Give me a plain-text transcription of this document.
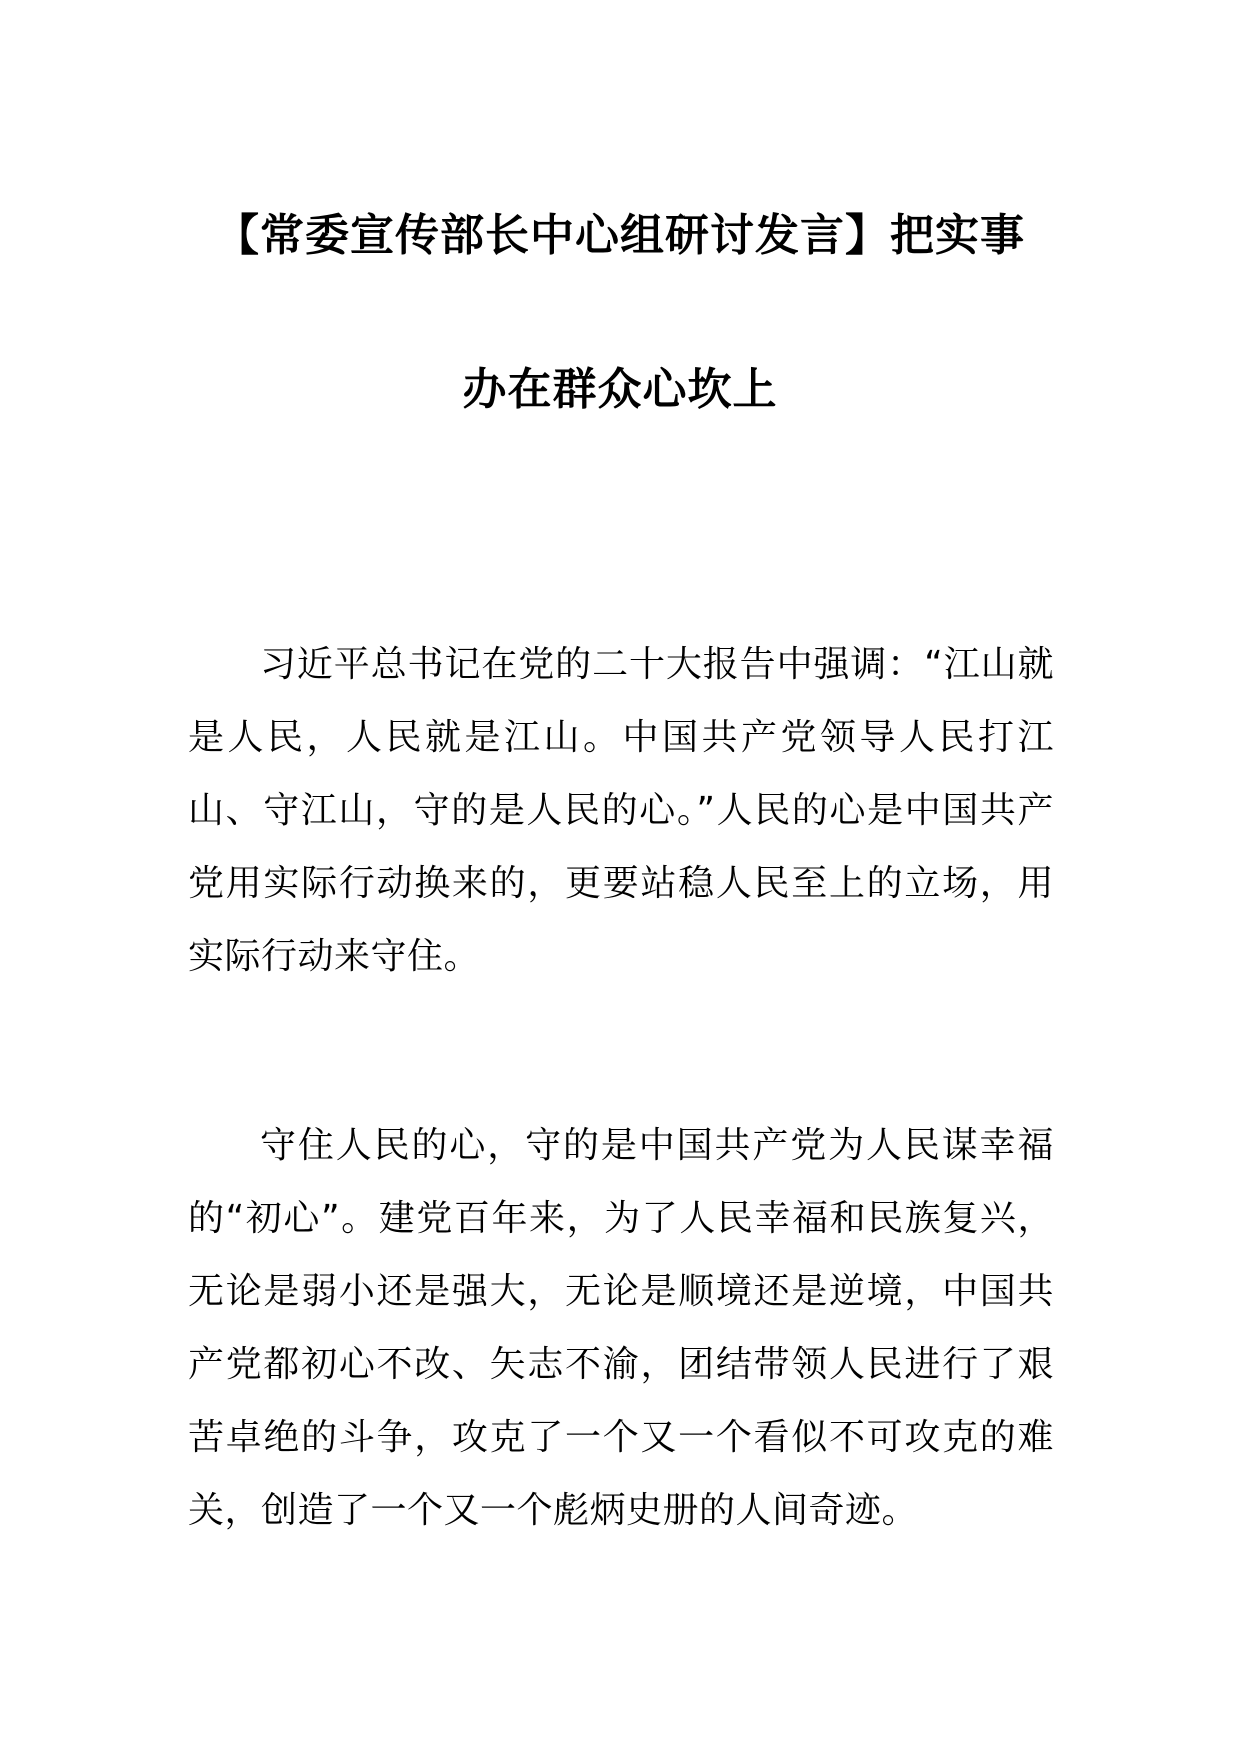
【常委宣传部长中心组研讨发言】把实事
办在群众心坎上

习近平总书记在党的二十大报告中强调：“江山就是人民，人民就是江山。中国共产党领导人民打江山、守江山，守的是人民的心。”人民的心是中国共产党用实际行动换来的，更要站稳人民至上的立场，用实际行动来守住。

守住人民的心，守的是中国共产党为人民谋幸福的“初心”。建党百年来，为了人民幸福和民族复兴，无论是弱小还是强大，无论是顺境还是逆境，中国共产党都初心不改、矢志不渝，团结带领人民进行了艰苦卓绝的斗争，攻克了一个又一个看似不可攻克的难关，创造了一个又一个彪炳史册的人间奇迹。
